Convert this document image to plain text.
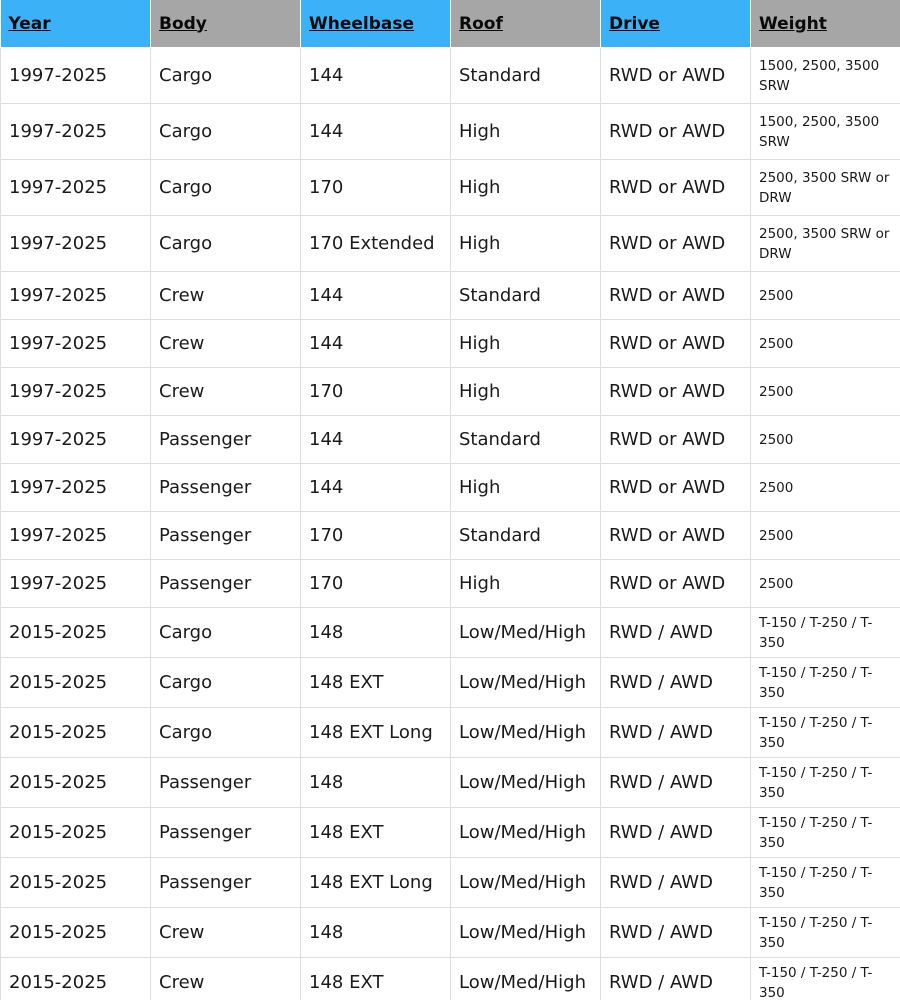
Year	Body	Wheelbase	Roof	Drive	Weight
1997-2025	Cargo	144	Standard	RWD or AWD	1500, 2500, 3500 SRW
1997-2025	Cargo	144	High	RWD or AWD	1500, 2500, 3500 SRW
1997-2025	Cargo	170	High	RWD or AWD	2500, 3500 SRW or DRW
1997-2025	Cargo	170 Extended	High	RWD or AWD	2500, 3500 SRW or DRW
1997-2025	Crew	144	Standard	RWD or AWD	2500
1997-2025	Crew	144	High	RWD or AWD	2500
1997-2025	Crew	170	High	RWD or AWD	2500
1997-2025	Passenger	144	Standard	RWD or AWD	2500
1997-2025	Passenger	144	High	RWD or AWD	2500
1997-2025	Passenger	170	Standard	RWD or AWD	2500
1997-2025	Passenger	170	High	RWD or AWD	2500
2015-2025	Cargo	148	Low/Med/High	RWD / AWD	T-150 / T-250 / T-350
2015-2025	Cargo	148 EXT	Low/Med/High	RWD / AWD	T-150 / T-250 / T-350
2015-2025	Cargo	148 EXT Long	Low/Med/High	RWD / AWD	T-150 / T-250 / T-350
2015-2025	Passenger	148	Low/Med/High	RWD / AWD	T-150 / T-250 / T-350
2015-2025	Passenger	148 EXT	Low/Med/High	RWD / AWD	T-150 / T-250 / T-350
2015-2025	Passenger	148 EXT Long	Low/Med/High	RWD / AWD	T-150 / T-250 / T-350
2015-2025	Crew	148	Low/Med/High	RWD / AWD	T-150 / T-250 / T-350
2015-2025	Crew	148 EXT	Low/Med/High	RWD / AWD	T-150 / T-250 / T-350
